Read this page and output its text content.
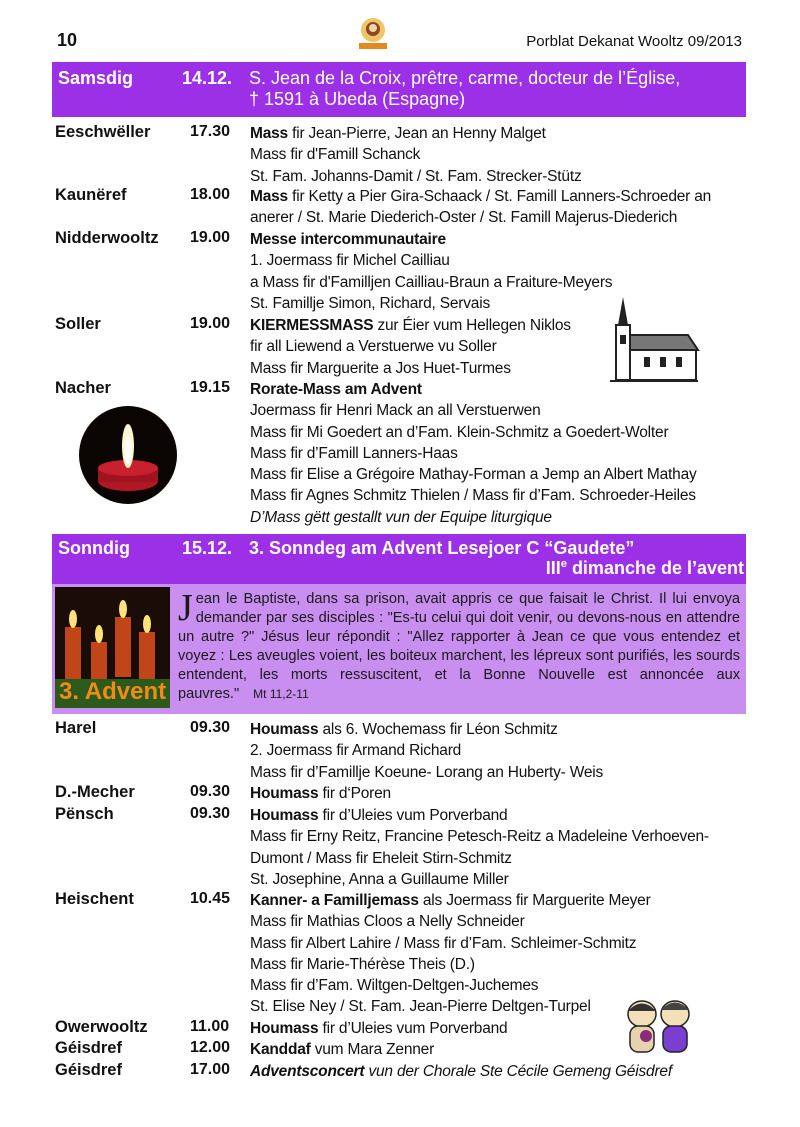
10	Porblat Dekanat Wooltz 09/2013
Samsdig	14.12. S. Jean de la Croix, prêtre, carme, docteur de l’Église,
† 1591 à Ubeda (Espagne)
Eeschwëller 17.30 Mass fir Jean-Pierre, Jean an Henny Malget
Mass fir d'Famill Schanck
St. Fam. Johanns-Damit / St. Fam. Strecker-Stütz
Kaunëref	18.00 Mass fir Ketty a Pier Gira-Schaack / St. Famill Lanners-Schroeder an
anerer / St. Marie Diederich-Oster / St. Famill Majerus-Diederich
Nidderwooltz 19.00 Messe intercommunautaire
1. Joermass fir Michel Cailliau
a Mass fir d'Familljen Cailliau-Braun a Fraiture-Meyers
St. Famillje Simon, Richard, Servais
Soller	19.00 KIERMESSMASS zur Éier vum Hellegen Niklos
fir all Liewend a Verstuerwe vu Soller
Mass fir Marguerite a Jos Huet-Turmes
Nacher	19.15 Rorate-Mass am Advent
Joermass fir Henri Mack an all Verstuerwen
Mass fir Mi Goedert an d’Fam. Klein-Schmitz a Goedert-Wolter
Mass fir d’Famill Lanners-Haas
Mass fir Elise a Grégoire Mathay-Forman a Jemp an Albert Mathay
Mass fir Agnes Schmitz Thielen / Mass fir d’Fam. Schroeder-Heiles
D’Mass gëtt gestallt vun der Equipe liturgique
Sonndig	15.12. 3. Sonndeg am Advent Lesejoer C “Gaudete”
IIIe dimanche de l’avent
3. Advent
Jean le Baptiste, dans sa prison, avait appris ce que faisait le Christ. Il lui envoya demander par ses disciples : "Es-tu celui qui doit venir, ou devons-nous en attendre un autre ?" Jésus leur répondit : "Allez rapporter à Jean ce que vous entendez et voyez : Les aveugles voient, les boiteux marchent, les lépreux sont purifiés, les sourds entendent, les morts ressuscitent, et la Bonne Nouvelle est annoncée aux pauvres." Mt 11,2-11
Harel	09.30 Houmass als 6. Wochemass fir Léon Schmitz
2. Joermass fir Armand Richard
Mass fir d’Famillje Koeune- Lorang an Huberty- Weis
D.-Mecher	09.30 Houmass fir d‘Poren
Pënsch	09.30 Houmass fir d’Uleies vum Porverband
Mass fir Erny Reitz, Francine Petesch-Reitz a Madeleine Verhoeven-
Dumont / Mass fir Eheleit Stirn-Schmitz
St. Josephine, Anna a Guillaume Miller
Heischent	10.45 Kanner- a Familljemass als Joermass fir Marguerite Meyer
Mass fir Mathias Cloos a Nelly Schneider
Mass fir Albert Lahire / Mass fir d’Fam. Schleimer-Schmitz
Mass fir Marie-Thérèse Theis (D.)
Mass fir d’Fam. Wiltgen-Deltgen-Juchemes
St. Elise Ney / St. Fam. Jean-Pierre Deltgen-Turpel
Owerwooltz	11.00 Houmass fir d’Uleies vum Porverband
Géisdref	12.00 Kanddaf vum Mara Zenner
Géisdref	17.00 Adventsconcert vun der Chorale Ste Cécile Gemeng Géisdref
